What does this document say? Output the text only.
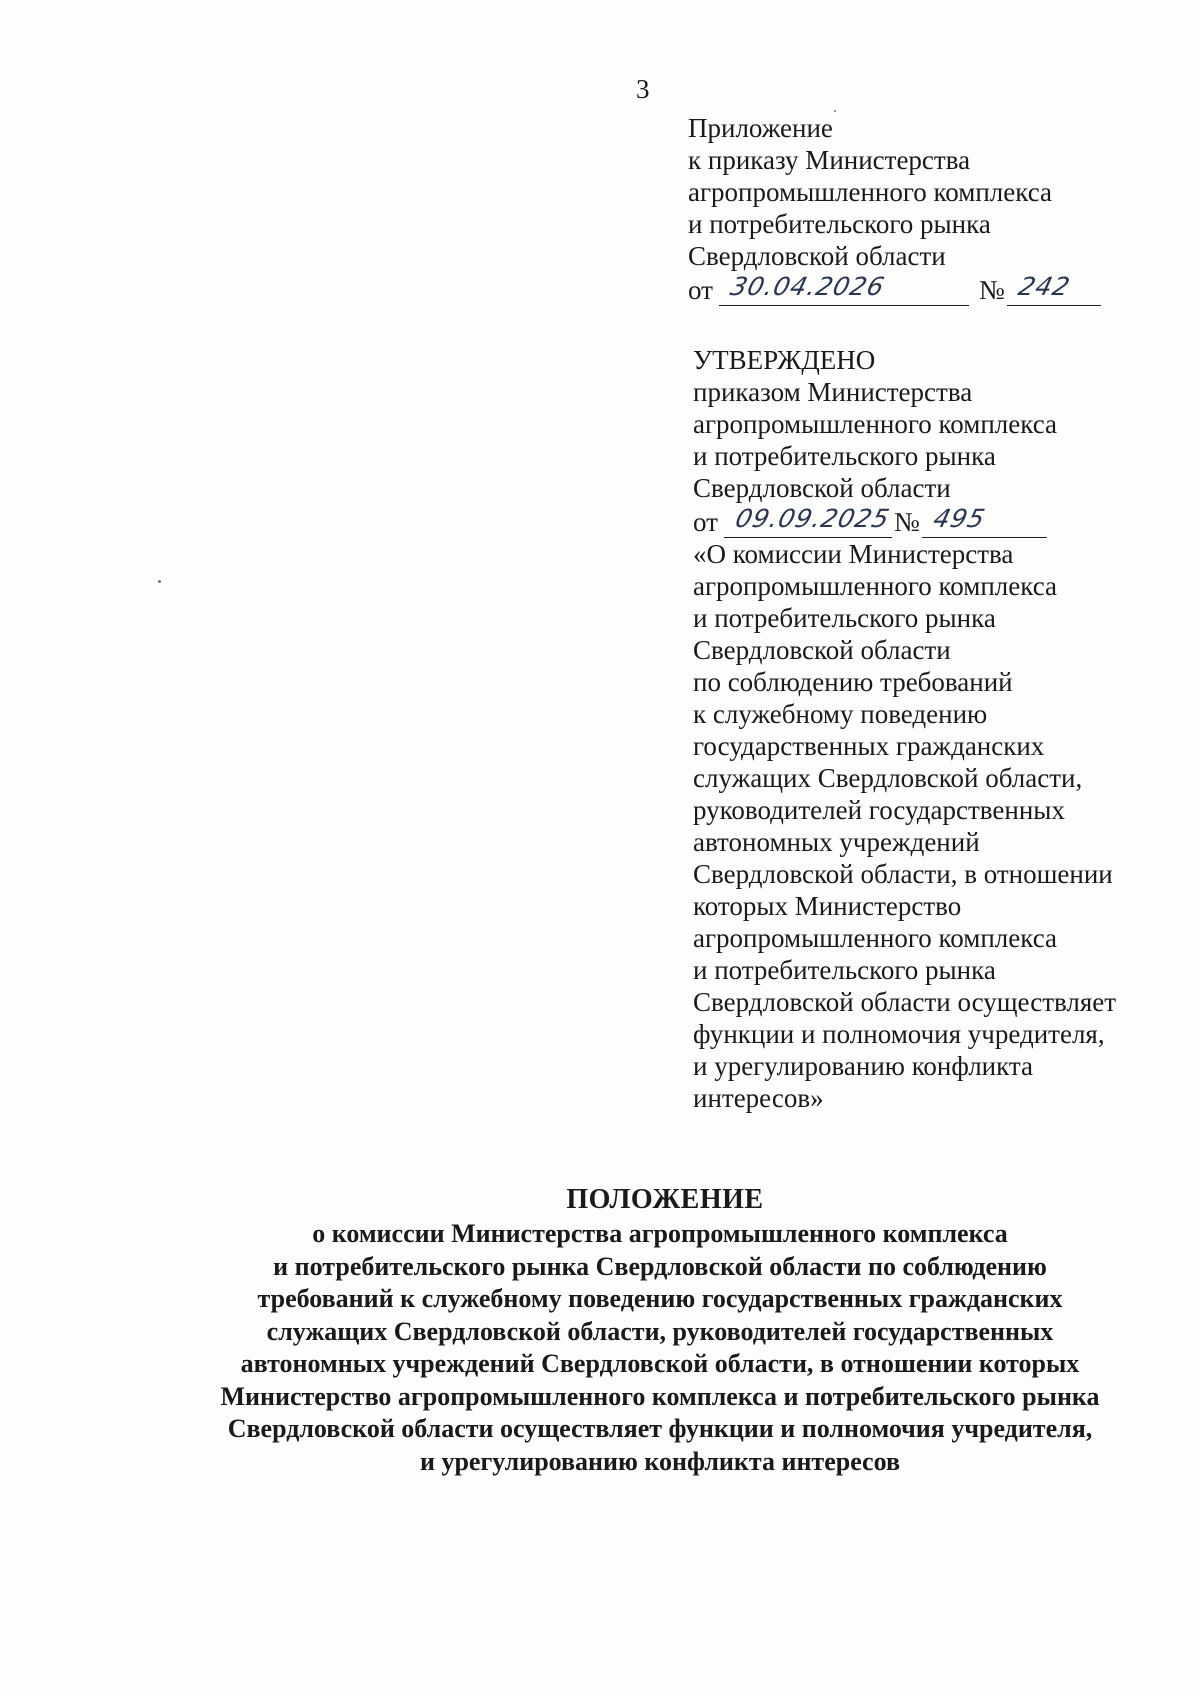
3
Приложение
к приказу Министерства
агропромышленного комплекса
и потребительского рынка
Свердловской области
от 30.04.2026	№ 242
УТВЕРЖДЕНО
приказом Министерства
агропромышленного комплекса
и потребительского рынка
Свердловской области
от 09.09.2025 № 495
«О комиссии Министерства
агропромышленного комплекса
и потребительского рынка
Свердловской области
по соблюдению требований
к служебному поведению
государственных гражданских
служащих Свердловской области,
руководителей государственных
автономных учреждений
Свердловской области, в отношении
которых Министерство
агропромышленного комплекса
и потребительского рынка
Свердловской области осуществляет
функции и полномочия учредителя,
и урегулированию конфликта
интересов»
ПОЛОЖЕНИЕ
о комиссии Министерства агропромышленного комплекса
и потребительского рынка Свердловской области по соблюдению
требований к служебному поведению государственных гражданских
служащих Свердловской области, руководителей государственных
автономных учреждений Свердловской области, в отношении которых
Министерство агропромышленного комплекса и потребительского рынка
Свердловской области осуществляет функции и полномочия учредителя,
и урегулированию конфликта интересов
